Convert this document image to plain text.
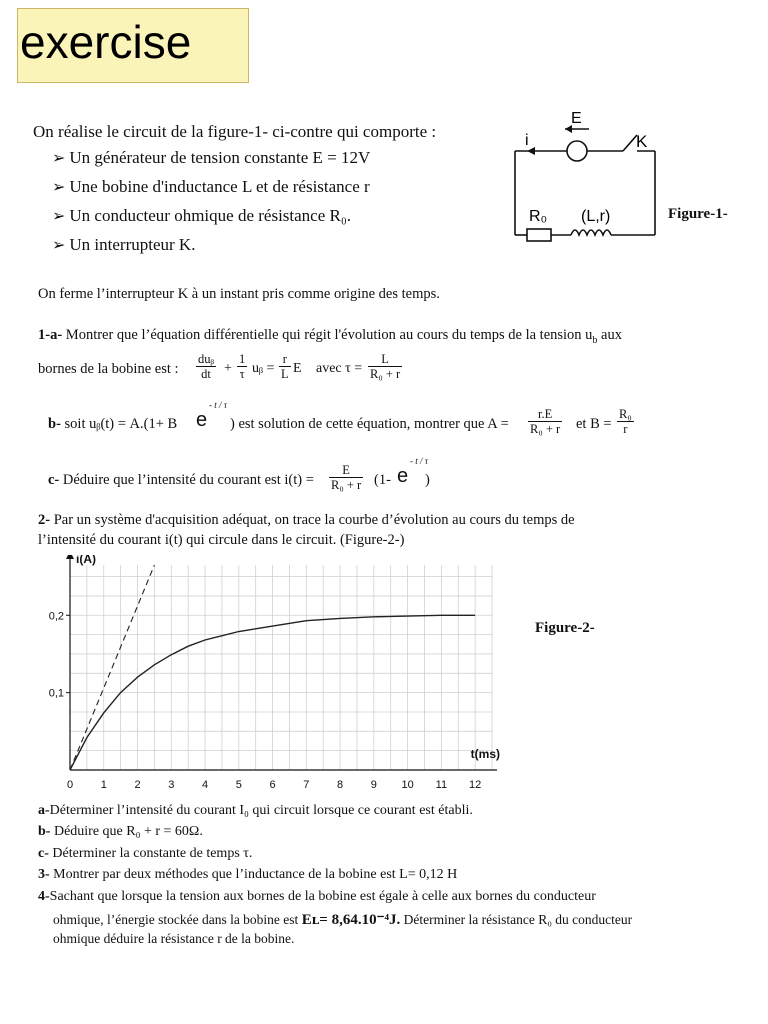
exercise
On réalise le circuit de la figure-1- ci-contre qui comporte :
➢ Un générateur de tension constante E = 12V
➢ Une bobine d'inductance L et de résistance r
➢ Un conducteur ohmique de résistance R₀.
➢ Un interrupteur K.
i
E
K
R₀ (L,r)	Figure-1-
On ferme l’interrupteur K à un instant pris comme origine des temps.
1-a- Montrer que l’équation différentielle qui régit l'évolution au cours du temps de la tension $u_b$ aux
bornes de la bobine est :
duᵦ
dt + $\frac{1}{\tau}$ uᵦ = $\frac{r}{L}$ E avec $\tau = \frac{L}{\text{R₀ + r}}$
b- soit uᵦ(t) = A.(1+ B e
- t / τ
) est solution de cette équation, montrer que $A = \frac{r.E}{\text{R₀ + r}}$ et $B = \frac{\text{R₀}}{r}$
c- Déduire que l’intensité du courant est $i(t) = \frac{E}{\text{R₀ + r}} (1-$ e
- t / τ
)
2- Par un système d'acquisition adéquat, on trace la courbe d’évolution au cours du temps de
l’intensité du courant i(t) qui circule dans le circuit. (Figure-2-)
0	1	2	3	4	5	6	7	8	9 10 11 12
0,1
0,2
i(A)
t(ms)
Figure-2-
a-Déterminer l’intensité du courant I₀ qui circuit lorsque ce courant est établi.
b- Déduire que R₀ + r = 60Ω.
c- Déterminer la constante de temps τ.
3- Montrer par deux méthodes que l’inductance de la bobine est L= 0,12 H
4-Sachant que lorsque la tension aux bornes de la bobine est égale à celle aux bornes du conducteur
ohmique, l’énergie stockée dans la bobine est Eʟ= 8,64.10⁻⁴J. Déterminer la résistance R₀ du conducteur
ohmique déduire la résistance r de la bobine.
